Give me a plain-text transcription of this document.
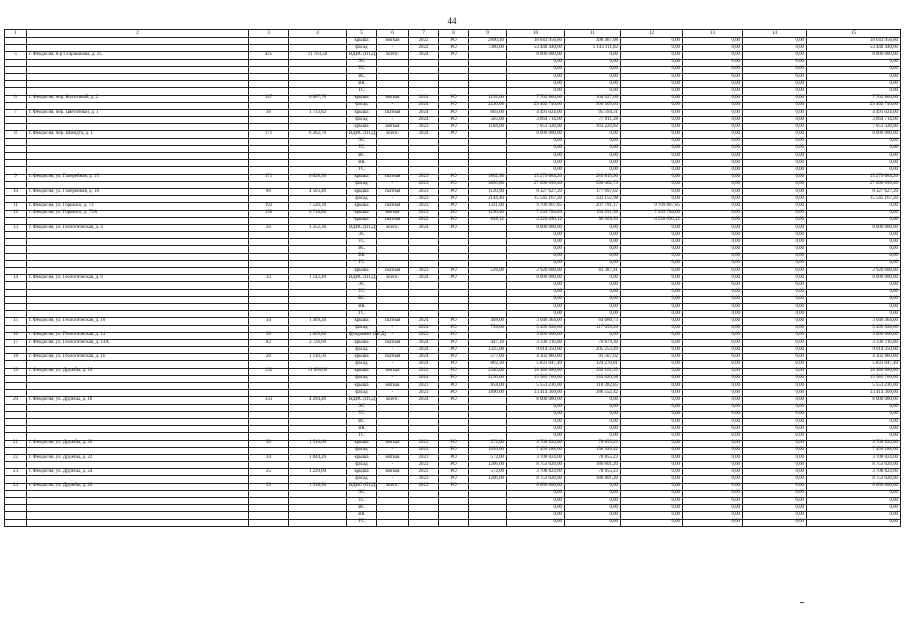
44
1	2	3	4	5	6	7	8	9	10	11	12	13	14	15
				крыша	мягкая	2022	РО	2890,40	18 643 956,80	398 467,08	0,00	0,00	0,00	18 643 956,80
				фасад	-	2022	РО	7380,00	53 440 440,00	1 143 111,82	0,00	0,00	0,00	53 440 440,00
5	г. Феодосия, б-р Старшинова, д. 25	425	11 763,50	ВДИС (ПСД)	всего:	2024	РО		8 000 000,00	0,00	0,00	0,00	0,00	8 000 000,00
				ЭС					0,00	0,00	0,00	0,00	0,00	0,00
				ТС					0,00	0,00	0,00	0,00	0,00	0,00
				ВС					0,00	0,00	0,00	0,00	0,00	0,00
				ВК					0,00	0,00	0,00	0,00	0,00	0,00
				ГС					0,00	0,00	0,00	0,00	0,00	0,00
6	г. Феодосия, пер. Колхозный, д. 2	147	6 067,70	крыша	мягкая	2024	РО	1192,00	7 702 864,00	164 327,69	0,00	0,00	0,00	7 702 864,00
				фасад	-	2024	РО	2230,00	23 402 740,00	500 305,04	0,00	0,00	0,00	23 402 740,00
7	г. Феодосия, пер. Цветочный, д. 1	36	1 733,82	крыша	скатная	2024	РО	603,00	4 491 024,00	95 594,31	0,00	0,00	0,00	4 491 024,00
				фасад	-	2024	РО	505,00	3 664 714,00	77 911,28	0,00	0,00	0,00	3 664 714,00
				крыша	мягкая	2023	РО	1184,00	7 651 328,00	163 224,82	0,00	0,00	0,00	7 651 328,00
8	г. Феодосия, пер. Шмидта, д. 1	171	6 262,70	ВДИС (ПСД)	всего:	2024	РО		8 000 000,00	0,00	0,00	0,00	0,00	8 000 000,00
				ЭС					0,00	0,00	0,00	0,00	0,00	0,00
				ТС					0,00	0,00	0,00	0,00	0,00	0,00
				ВС					0,00	0,00	0,00	0,00	0,00	0,00
				ВК					0,00	0,00	0,00	0,00	0,00	0,00
				ГС					0,00	0,00	0,00	0,00	0,00	0,00
9	г. Феодосия, ул. Галерейная, д. 15	171	6 828,30	крыша	скатная	2023	РО	1802,90	13 279 883,20	283 815,90	0,00	0,00	0,00	13 279 883,20
				фасад	-	2023	РО	3850,80	27 896 090,40	596 462,73	0,00	0,00	0,00	27 896 090,40
10	г. Феодосия, ул. Галерейная, д. 18	89	4 503,40	крыша	скатная	2023	РО	1120,90	8 327 627,20	177 697,62	0,00	0,00	0,00	8 327 627,20
				фасад	-	2023	РО	2144,40	15 545 167,20	332 152,98	0,00	0,00	0,00	15 545 167,20
11	г. Феодосия, ул. Горького, д. 73	192	7 526,30	крыша	скатная	2023	РО	1331,00	9 709 867,85	207 791,17	9 709 867,85	0,00	0,00	0,00
12	г. Феодосия, ул. Горького, д. 75А	158	6 718,80	крыша	мягкая	2023	РО	1190,40	7 239 784,09	154 931,38	7 239 784,09	0,00	0,00	0,00
				крыша	скатная	2022	РО	648,12	4 220 090,12	90 309,93	4 220 090,12	0,00	0,00	0,00
13	г. Феодосия, ул. Геологическая, д. 4	20	1 352,30	ВДИС (ПСД)	всего:	2024	РО		8 000 000,00	0,00	0,00	0,00	0,00	8 000 000,00
				ЭС					0,00	0,00	0,00	0,00	0,00	0,00
				ТС					0,00	0,00	0,00	0,00	0,00	0,00
				ВС					0,00	0,00	0,00	0,00	0,00	0,00
				ВК					0,00	0,00	0,00	0,00	0,00	0,00
				ГС					0,00	0,00	0,00	0,00	0,00	0,00
				крыша	скатная	2023	РО	526,00	3 920 608,00	83 387,41	0,00	0,00	0,00	3 920 608,00
14	г. Феодосия, ул. Геологическая, д. 6	33	1 142,40	ВДИС (ПСД)	всего:	2024	РО		8 000 000,00	0,00	0,00	0,00	0,00	8 000 000,00
				ЭС					0,00	0,00	0,00	0,00	0,00	0,00
				ТС					0,00	0,00	0,00	0,00	0,00	0,00
				ВС					0,00	0,00	0,00	0,00	0,00	0,00
				ВК					0,00	0,00	0,00	0,00	0,00	0,00
				ГС					0,00	0,00	0,00	0,00	0,00	0,00
15	г. Феодосия, ул. Геологическая, д. 10	34	1 369,20	крыша	скатная	2024	РО	408,00	3 046 464,00	64 680,73	0,00	0,00	0,00	3 046 464,00
				фасад	-	2024	РО	756,00	5 495 928,00	117 099,26	0,00	0,00	0,00	5 495 928,00
16	г. Феодосия, ул. Геологическая, д. 14	36	1 069,80	фундамент (ПСД)	-	2023	РО		3 000 000,00	0,00	0,00	0,00	0,00	3 000 000,00
17	г. Феодосия, ул. Геологическая, д. 14А	82	2 726,60	крыша	скатная	2024	РО	447,10	3 336 116,80	70 879,30	0,00	0,00	0,00	3 336 116,80
				фасад	-	2024	РО	1325,00	9 614 350,00	205 253,49	0,00	0,00	0,00	9 614 350,00
18	г. Феодосия, ул. Геологическая, д. 16	20	1 110,50	крыша	скатная	2024	РО	577,60	4 302 860,80	91 567,62	0,00	0,00	0,00	4 302 860,80
				фасад	-	2024	РО	802,30	5 831 047,40	124 270,81	0,00	0,00	0,00	5 831 047,40
19	г. Феодосия, ул. Дружбы, д. 16	132	11 096,00	крыша	мягкая	2024	РО	2540,00	16 386 680,00	350 161,35	0,00	0,00	0,00	16 386 680,00
				фасад	-	2024	РО	2150,00	15 585 700,00	333 020,38	0,00	0,00	0,00	15 585 700,00
				крыша	мягкая	2023	РО	858,00	5 551 236,00	118 282,85	0,00	0,00	0,00	5 551 236,00
				фасад	-	2023	РО	1890,00	13 414 300,00	286 552,42	0,00	0,00	0,00	13 414 300,00
20	г. Феодосия, ул. Дружбы, д. 18	133	4 294,40	ВДИС (ПСД)	всего:	2024	РО		8 000 000,00	0,00	0,00	0,00	0,00	8 000 000,00
				ЭС					0,00	0,00	0,00	0,00	0,00	0,00
				ТС					0,00	0,00	0,00	0,00	0,00	0,00
				ВС					0,00	0,00	0,00	0,00	0,00	0,00
				ВК					0,00	0,00	0,00	0,00	0,00	0,00
				ГС					0,00	0,00	0,00	0,00	0,00	0,00
21	г. Феодосия, ул. Дружбы, д. 20	50	1 516,00	крыша	мягкая	2023	РО	572,00	3 708 824,00	78 855,23	0,00	0,00	0,00	3 708 824,00
				фасад	-	2023	РО	1026,00	7 450 188,00	158 920,42	0,00	0,00	0,00	7 450 188,00
22	г. Феодосия, ул. Дружбы, д. 22	34	1 044,20	крыша	мягкая	2023	РО	572,00	3 708 824,00	78 855,23	0,00	0,00	0,00	3 708 824,00
				фасад	-	2023	РО	1206,00	8 753 028,00	186 801,20	0,00	0,00	0,00	8 753 028,00
23	г. Феодосия, ул. Дружбы, д. 24	25	1 220,00	крыша	мягкая	2023	РО	572,00	3 708 824,00	78 855,23	0,00	0,00	0,00	3 708 824,00
				фасад	-	2023	РО	1206,00	8 753 028,00	186 801,20	0,00	0,00	0,00	8 753 028,00
24	г. Феодосия, ул. Дружбы, д. 26	29	1 318,50	ВДИС (ПСД)	всего:	2023	РО		8 000 000,00	0,00	0,00	0,00	0,00	8 000 000,00
				ЭС					0,00	0,00	0,00	0,00	0,00	0,00
				ТС					0,00	0,00	0,00	0,00	0,00	0,00
				ВС					0,00	0,00	0,00	0,00	0,00	0,00
				ВК					0,00	0,00	0,00	0,00	0,00	0,00
				ГС					0,00	0,00	0,00	0,00	0,00	0,00
